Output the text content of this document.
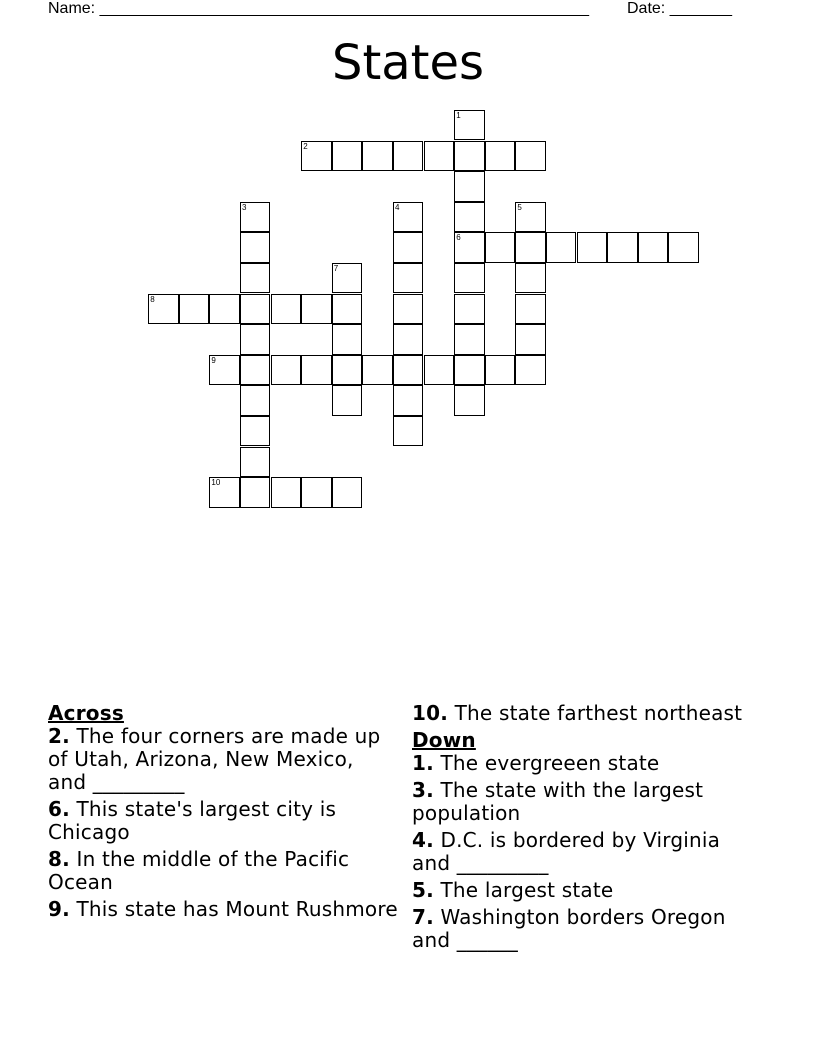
Name: _______________________________________________________ Date: _______
States
1
6
2
3	4	5
7
8
9
10
Across
2. The four corners are made up of Utah, Arizona, New Mexico, and _________
6. This state's largest city is Chicago
8. In the middle of the Pacific Ocean
9. This state has Mount Rushmore
10. The state farthest northeast
Down
1. The evergreeen state
3. The state with the largest population
4. D.C. is bordered by Virginia and _________
5. The largest state
7. Washington borders Oregon and ______
